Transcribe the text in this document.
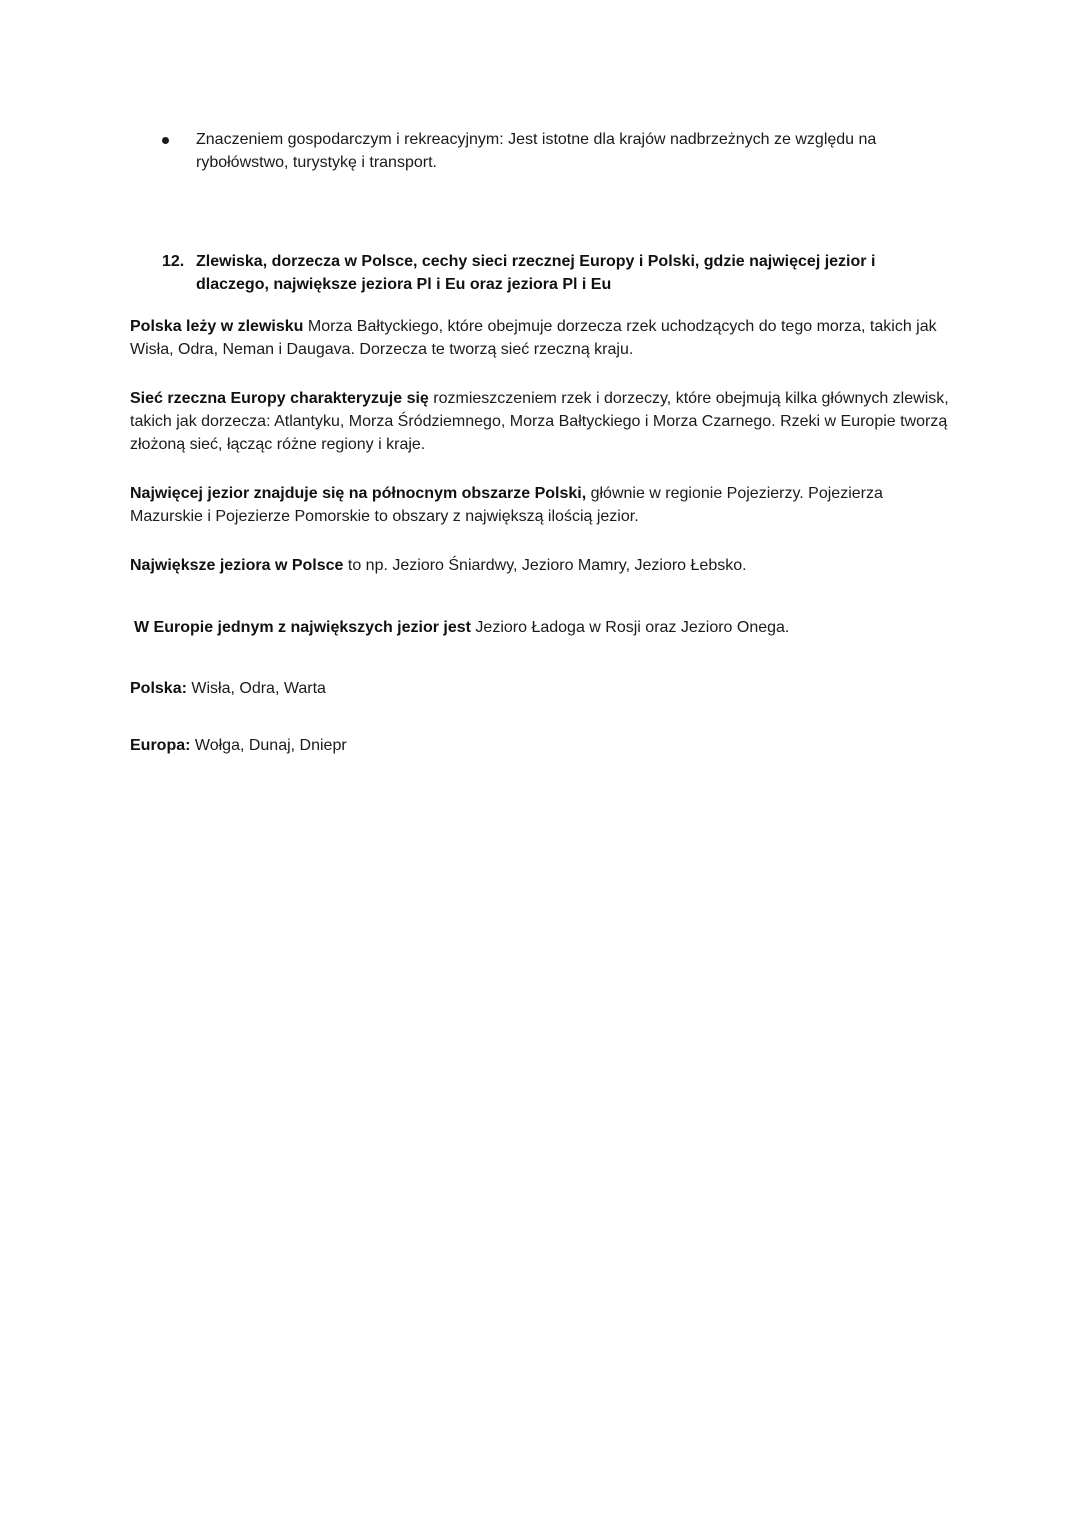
Znaczeniem gospodarczym i rekreacyjnym: Jest istotne dla krajów nadbrzeżnych ze względu na rybołówstwo, turystykę i transport.
12. Zlewiska, dorzecza w Polsce, cechy sieci rzecznej Europy i Polski, gdzie najwięcej jezior i dlaczego, największe jeziora Pl i Eu oraz jeziora Pl i Eu
Polska leży w zlewisku Morza Bałtyckiego, które obejmuje dorzecza rzek uchodzących do tego morza, takich jak Wisła, Odra, Neman i Daugava. Dorzecza te tworzą sieć rzeczną kraju.
Sieć rzeczna Europy charakteryzuje się rozmieszczeniem rzek i dorzeczy, które obejmują kilka głównych zlewisk, takich jak dorzecza: Atlantyku, Morza Śródziemnego, Morza Bałtyckiego i Morza Czarnego. Rzeki w Europie tworzą złożoną sieć, łącząc różne regiony i kraje.
Najwięcej jezior znajduje się na północnym obszarze Polski, głównie w regionie Pojezierzy. Pojezierza Mazurskie i Pojezierze Pomorskie to obszary z największą ilością jezior.
Największe jeziora w Polsce to np. Jezioro Śniardwy, Jezioro Mamry, Jezioro Łebsko.
W Europie jednym z największych jezior jest Jezioro Ładoga w Rosji oraz Jezioro Onega.
Polska: Wisła, Odra, Warta
Europa: Wołga, Dunaj, Dniepr
